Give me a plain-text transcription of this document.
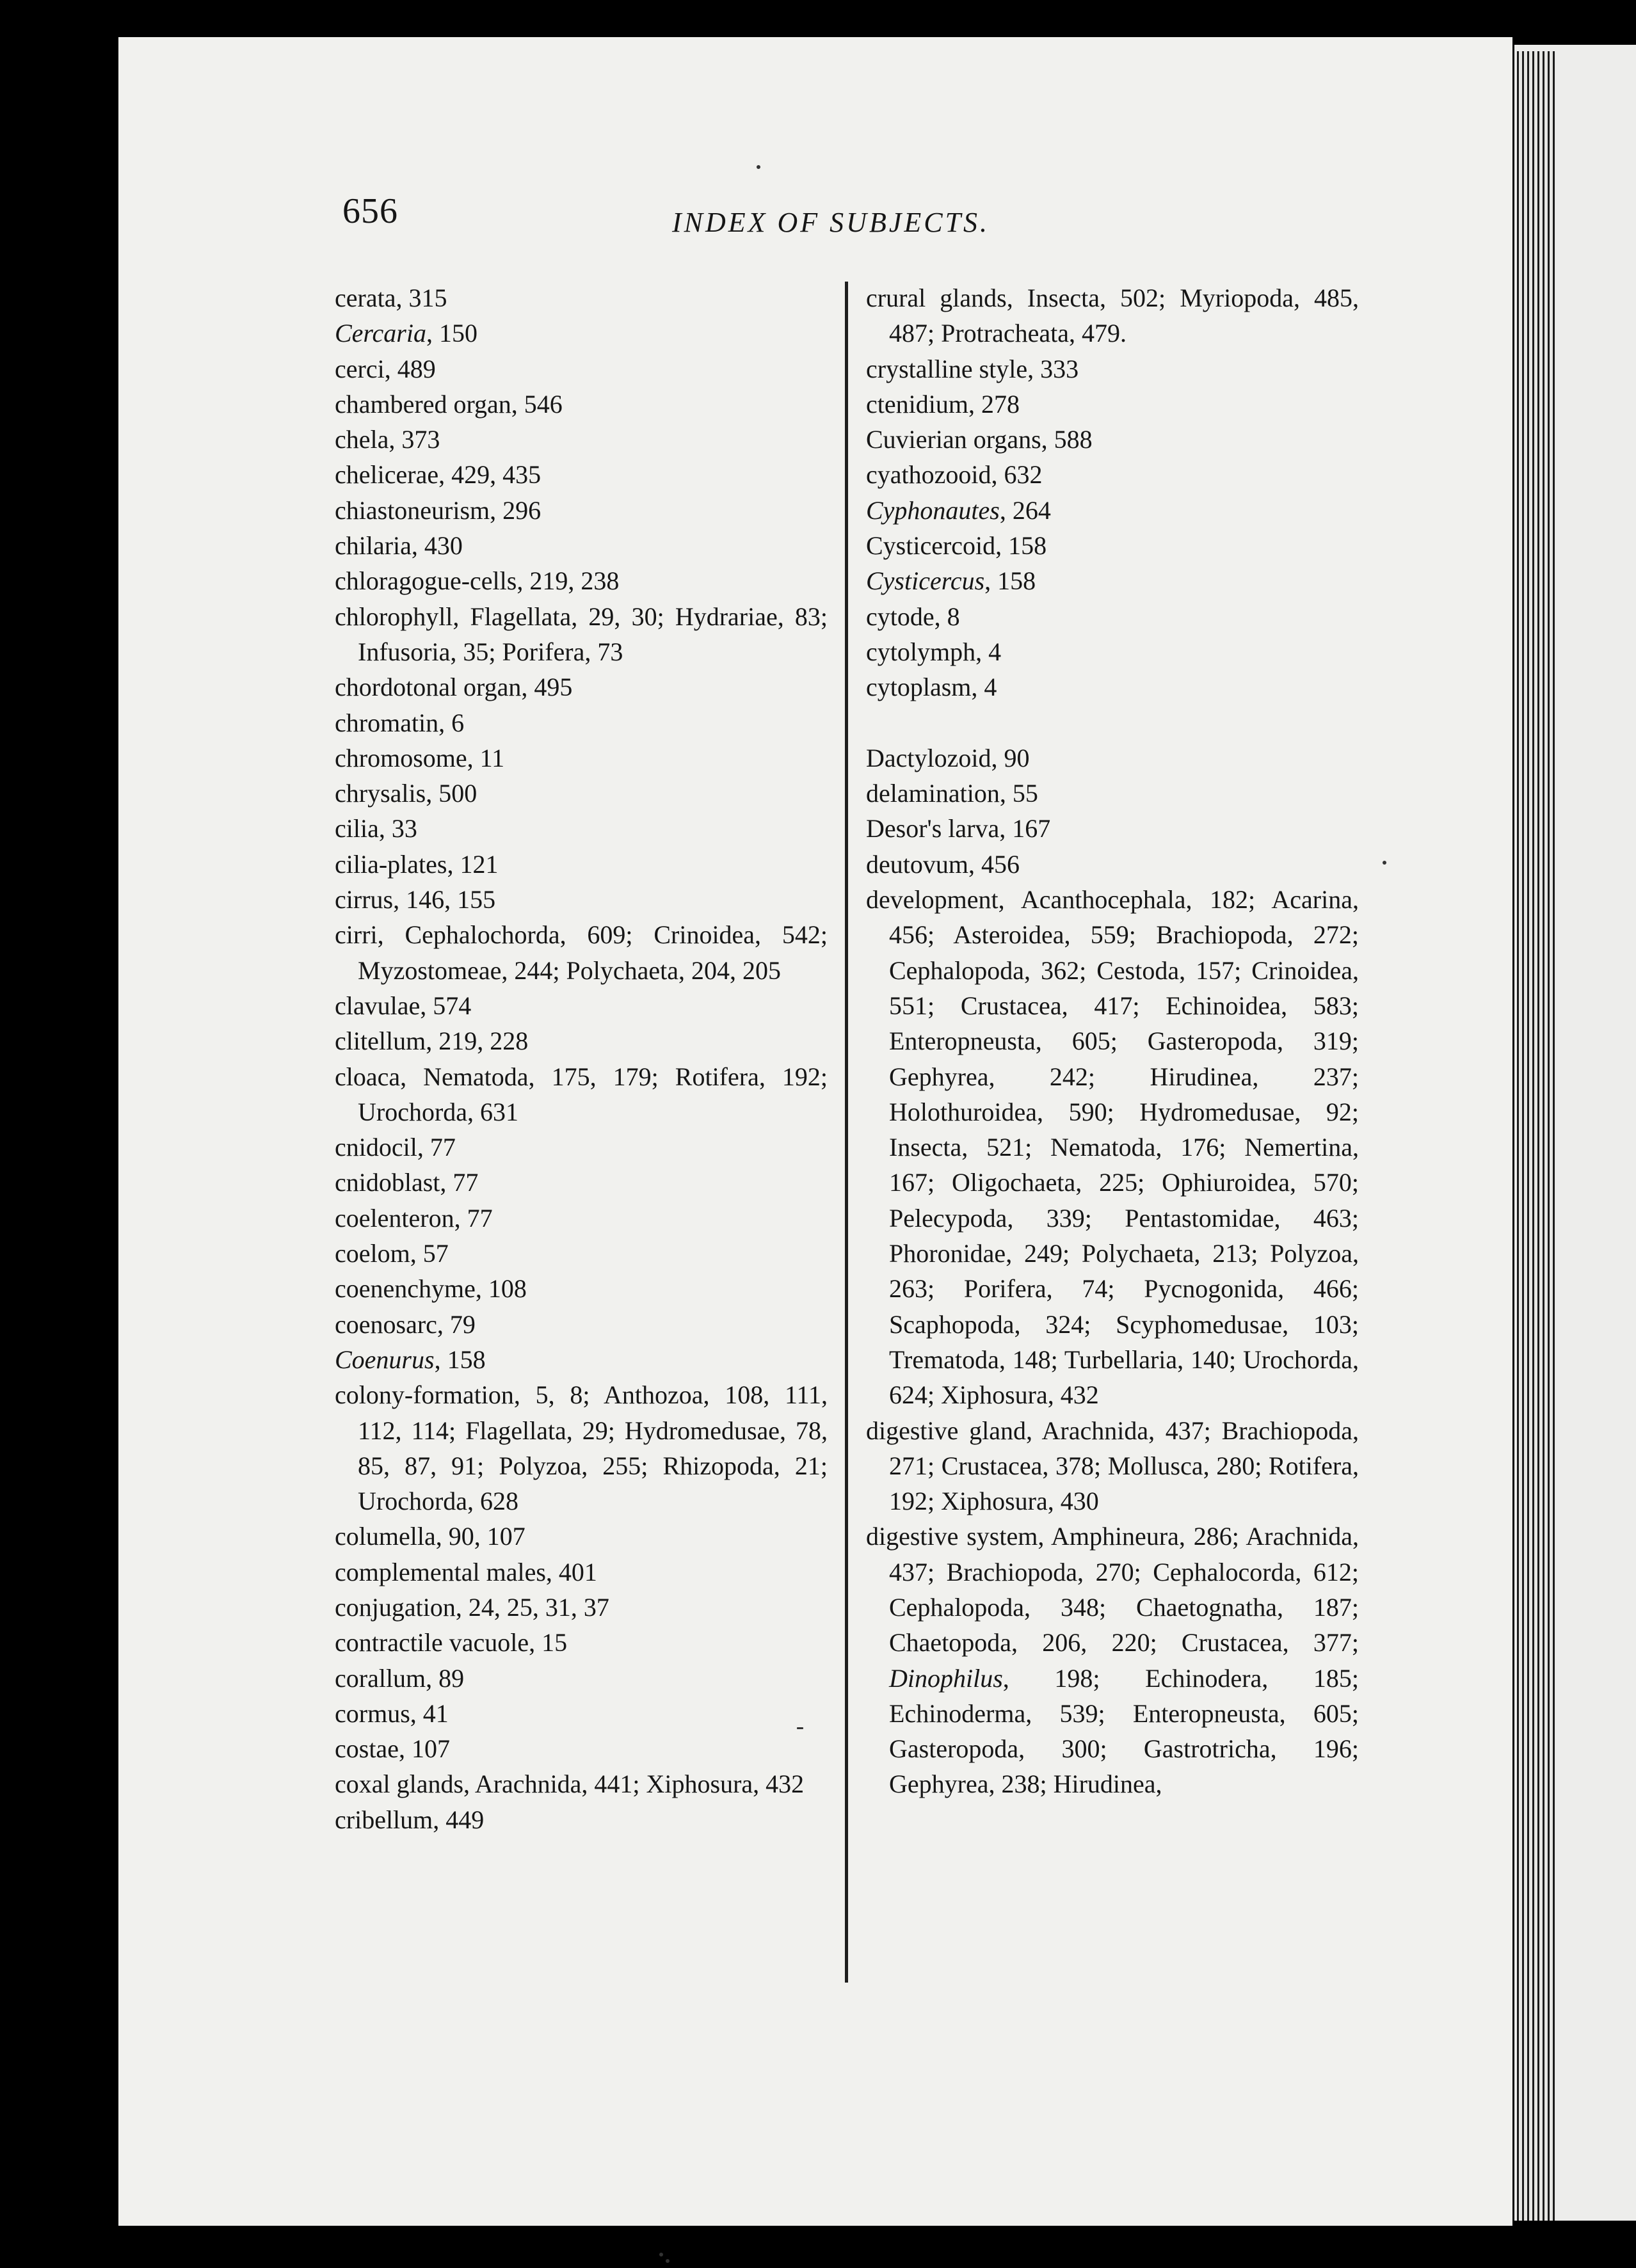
656	INDEX OF SUBJECTS.

cerata, 315

Cercaria, 150

cerci, 489

chambered organ, 546

chela, 373

chelicerae, 429, 435

chiastoneurism, 296

chilaria, 430

chloragogue-cells, 219, 238

chlorophyll, Flagellata, 29, 30; Hydrariae, 83; Infusoria, 35; Porifera, 73

chordotonal organ, 495

chromatin, 6

chromosome, 11

chrysalis, 500

cilia, 33

cilia-plates, 121

cirrus, 146, 155

cirri, Cephalochorda, 609; Crinoidea, 542; Myzostomeae, 244; Polychaeta, 204, 205

clavulae, 574

clitellum, 219, 228

cloaca, Nematoda, 175, 179; Rotifera, 192; Urochorda, 631

cnidocil, 77

cnidoblast, 77

coelenteron, 77

coelom, 57

coenenchyme, 108

coenosarc, 79

Coenurus, 158

colony-formation, 5, 8; Anthozoa, 108, 111, 112, 114; Flagellata, 29; Hydromedusae, 78, 85, 87, 91; Polyzoa, 255; Rhizopoda, 21; Urochorda, 628

columella, 90, 107

complemental males, 401

conjugation, 24, 25, 31, 37

contractile vacuole, 15

corallum, 89

cormus, 41

costae, 107

coxal glands, Arachnida, 441; Xiphosura, 432

cribellum, 449

crural glands, Insecta, 502; Myriopoda, 485, 487; Protracheata, 479.

crystalline style, 333

ctenidium, 278

Cuvierian organs, 588

cyathozooid, 632

Cyphonautes, 264

Cysticercoid, 158

Cysticercus, 158

cytode, 8

cytolymph, 4

cytoplasm, 4

Dactylozoid, 90

delamination, 55

Desor's larva, 167

deutovum, 456

development, Acanthocephala, 182; Acarina, 456; Asteroidea, 559; Brachiopoda, 272; Cephalopoda, 362; Cestoda, 157; Crinoidea, 551; Crustacea, 417; Echinoidea, 583; Enteropneusta, 605; Gasteropoda, 319; Gephyrea, 242; Hirudinea, 237; Holothuroidea, 590; Hydromedusae, 92; Insecta, 521; Nematoda, 176; Nemertina, 167; Oligochaeta, 225; Ophiuroidea, 570; Pelecypoda, 339; Pentastomidae, 463; Phoronidae, 249; Polychaeta, 213; Polyzoa, 263; Porifera, 74; Pycnogonida, 466; Scaphopoda, 324; Scyphomedusae, 103; Trematoda, 148; Turbellaria, 140; Urochorda, 624; Xiphosura, 432

digestive gland, Arachnida, 437; Brachiopoda, 271; Crustacea, 378; Mollusca, 280; Rotifera, 192; Xiphosura, 430

digestive system, Amphineura, 286; Arachnida, 437; Brachiopoda, 270; Cephalocorda, 612; Cephalopoda, 348; Chaetognatha, 187; Chaetopoda, 206, 220; Crustacea, 377; Dinophilus, 198; Echinodera, 185; Echinoderma, 539; Enteropneusta, 605; Gasteropoda, 300; Gastrotricha, 196; Gephyrea, 238; Hirudinea,
